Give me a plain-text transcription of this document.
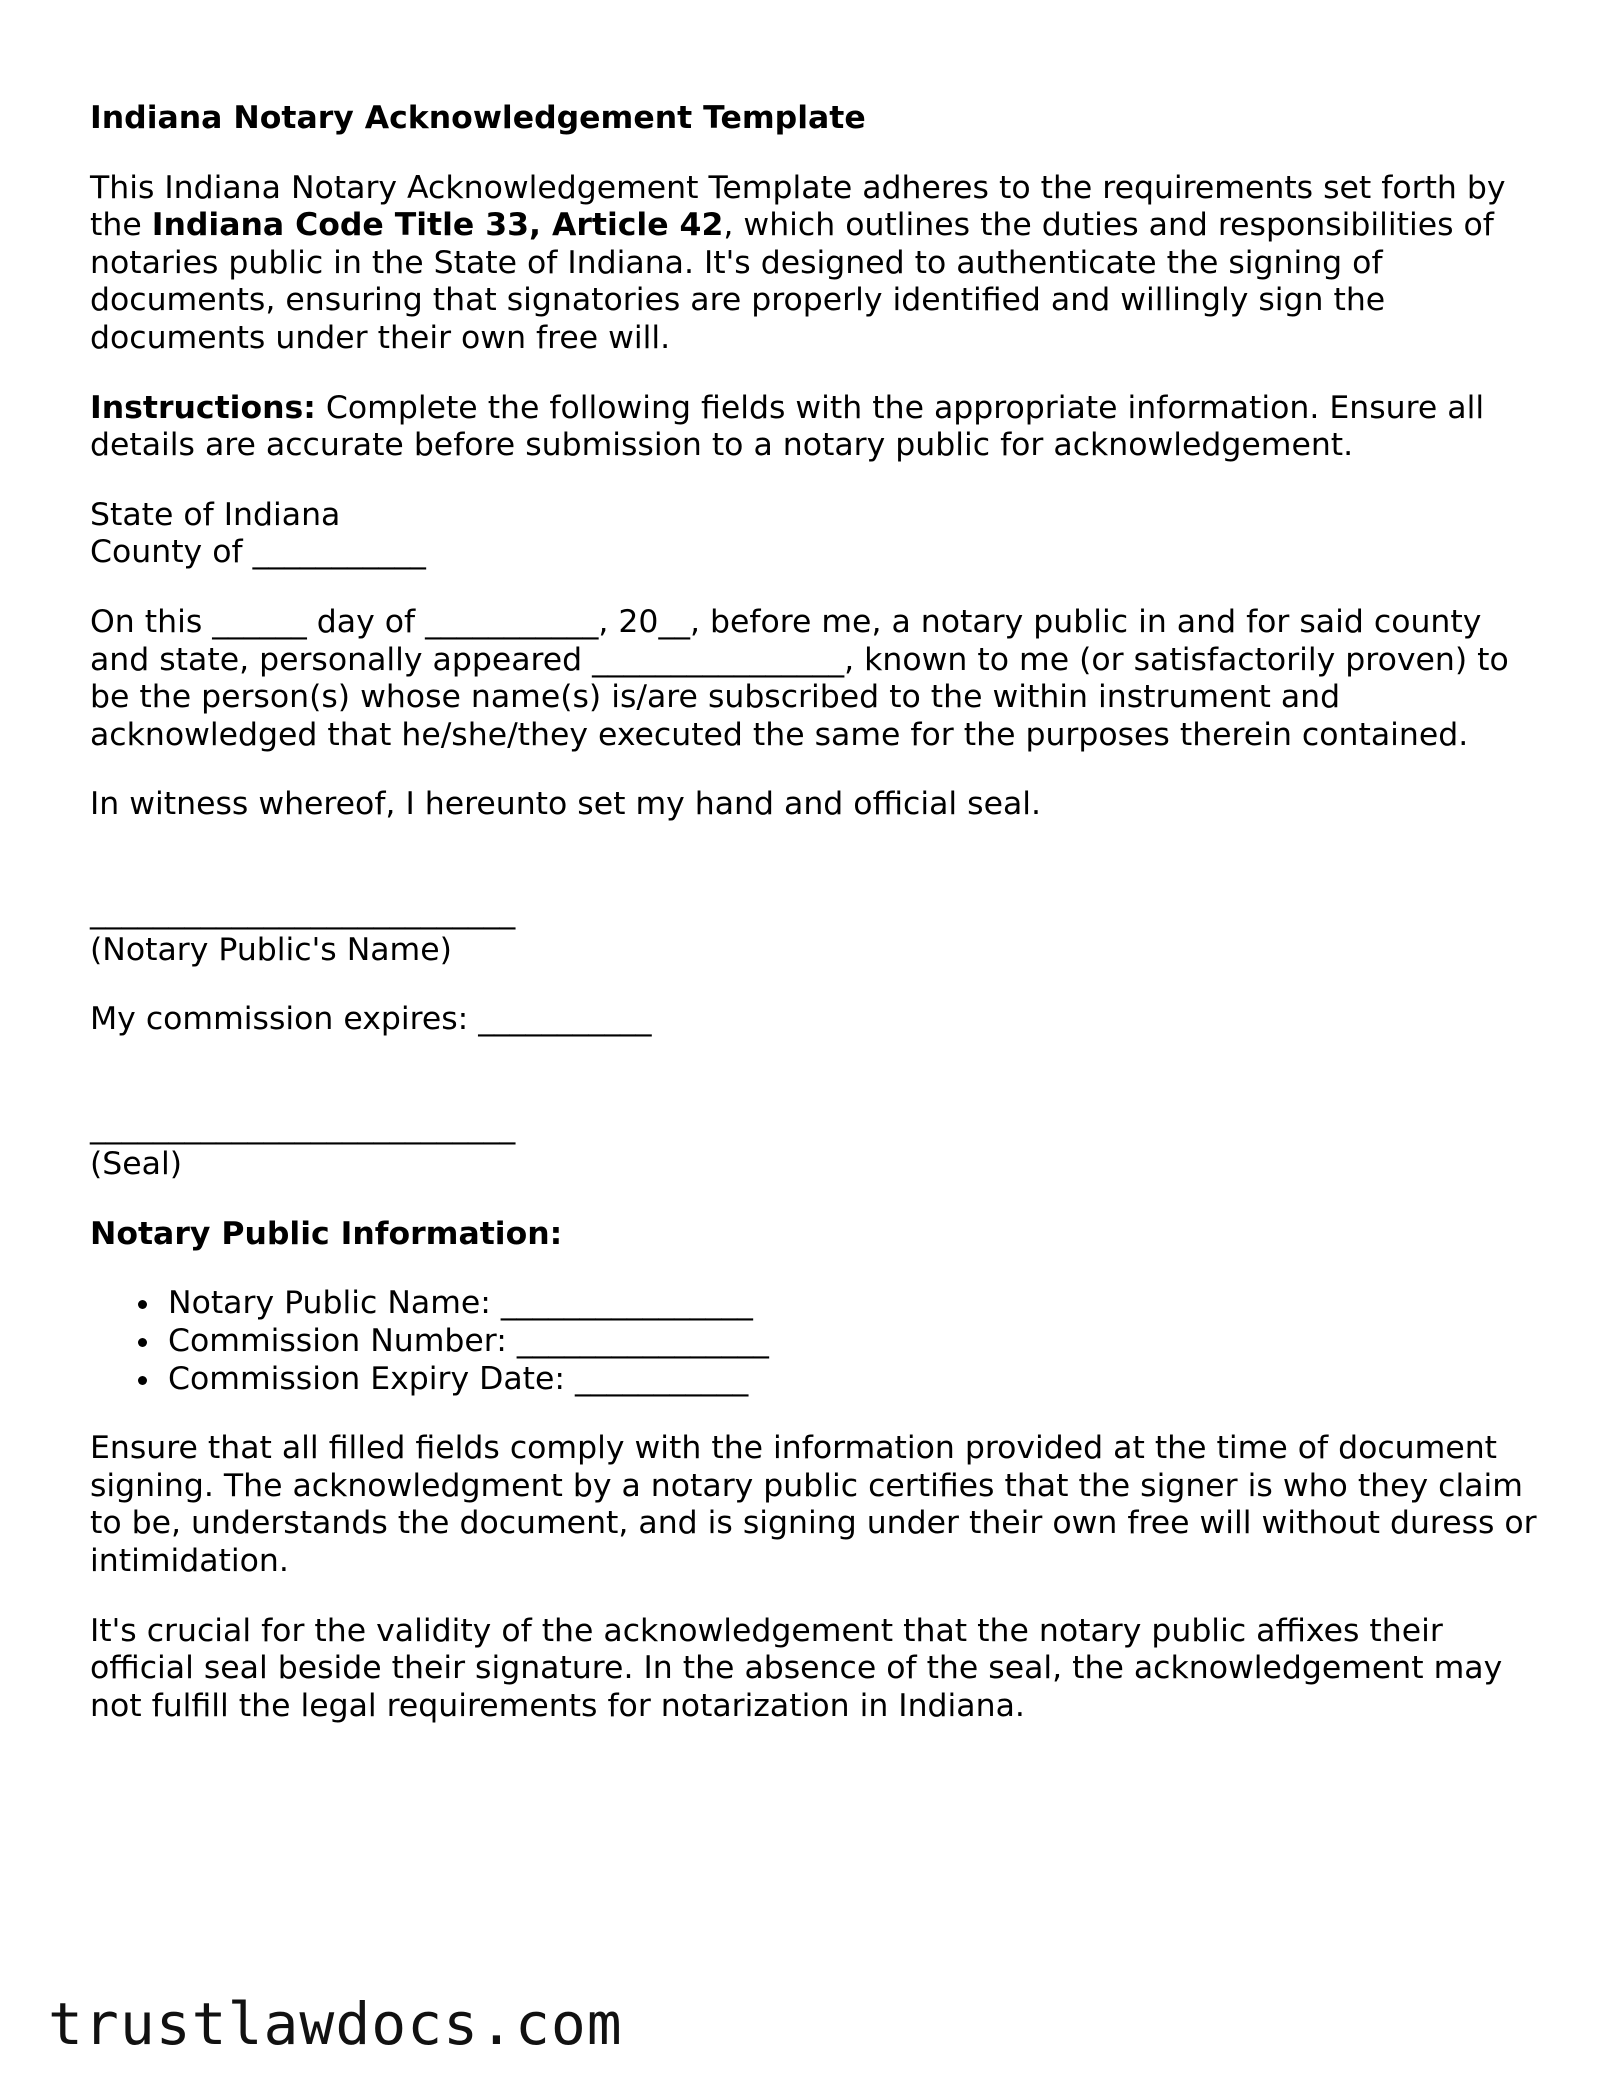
Indiana Notary Acknowledgement Template

This Indiana Notary Acknowledgement Template adheres to the requirements set forth by the Indiana Code Title 33, Article 42, which outlines the duties and responsibilities of notaries public in the State of Indiana. It's designed to authenticate the signing of documents, ensuring that signatories are properly identified and willingly sign the documents under their own free will.

Instructions: Complete the following fields with the appropriate information. Ensure all details are accurate before submission to a notary public for acknowledgement.

State of Indiana
County of ___________

On this ______ day of ___________, 20__, before me, a notary public in and for said county and state, personally appeared ________________, known to me (or satisfactorily proven) to be the person(s) whose name(s) is/are subscribed to the within instrument and acknowledged that he/she/they executed the same for the purposes therein contained.

In witness whereof, I hereunto set my hand and official seal.

___________________________
(Notary Public's Name)

My commission expires: ___________

___________________________
(Seal)

Notary Public Information:

Notary Public Name: ________________
Commission Number: ________________
Commission Expiry Date: ___________

Ensure that all filled fields comply with the information provided at the time of document signing. The acknowledgment by a notary public certifies that the signer is who they claim to be, understands the document, and is signing under their own free will without duress or intimidation.

It's crucial for the validity of the acknowledgement that the notary public affixes their official seal beside their signature. In the absence of the seal, the acknowledgement may not fulfill the legal requirements for notarization in Indiana.

trustlawdocs.com
